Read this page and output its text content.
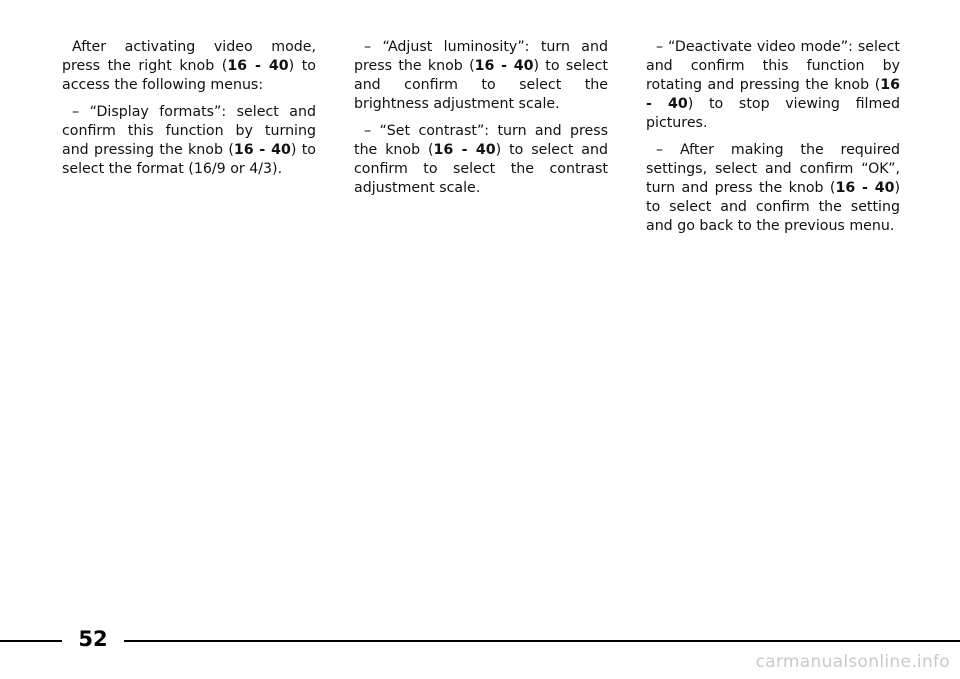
After activating video mode, press the right knob (16 - 40) to access the following menus:

– “Display formats”: select and confirm this function by turning and pressing the knob (16 - 40) to select the format (16/9 or 4/3).

– “Adjust luminosity”: turn and press the knob (16 - 40) to select and confirm to select the brightness adjustment scale.

– “Set contrast”: turn and press the knob (16 - 40) to select and confirm to select the contrast adjustment scale.

– “Deactivate video mode”: select and confirm this function by rotating and pressing the knob (16 - 40) to stop viewing filmed pictures.

– After making the required settings, select and confirm “OK”, turn and press the knob (16 - 40) to select and confirm the setting and go back to the previous menu.

52
carmanualsonline.info
